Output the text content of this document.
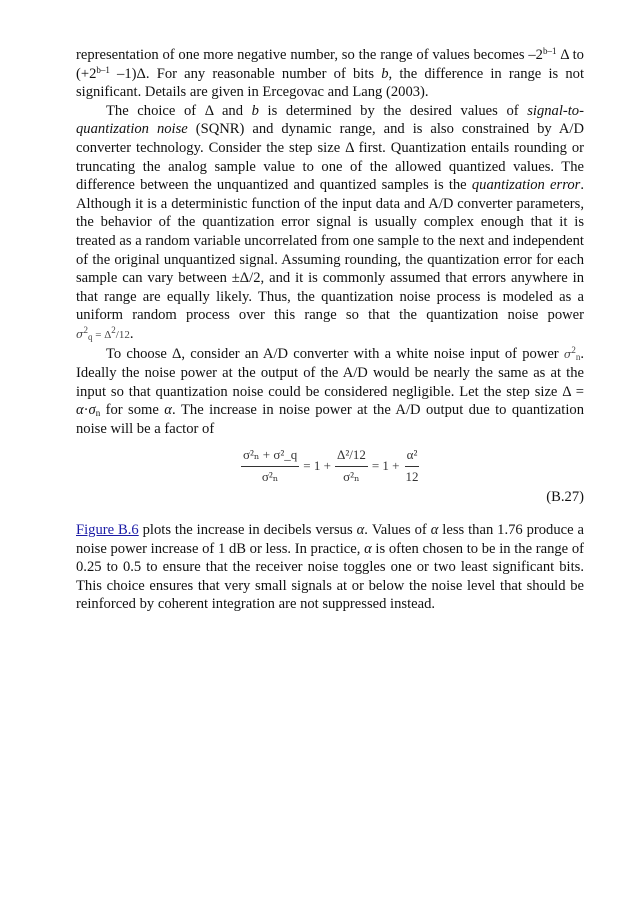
representation of one more negative number, so the range of values becomes –2$^{b-1}$ Δ to ($+2^{b-1}$ –1)Δ. For any reasonable number of bits b, the difference in range is not significant. Details are given in Ercegovac and Lang (2003).

The choice of Δ and b is determined by the desired values of signal-to-quantization noise (SQNR) and dynamic range, and is also constrained by A/D converter technology. Consider the step size Δ first. Quantization entails rounding or truncating the analog sample value to one of the allowed quantized values. The difference between the unquantized and quantized samples is the quantization error. Although it is a deterministic function of the input data and A/D converter parameters, the behavior of the quantization error signal is usually complex enough that it is treated as a random variable uncorrelated from one sample to the next and independent of the original unquantized signal. Assuming rounding, the quantization error for each sample can vary between ±Δ/2, and it is commonly assumed that errors anywhere in that range are equally likely. Thus, the quantization noise process is modeled as a uniform random process over this range so that the quantization noise power $\sigma^2_q = \Delta^2/12$.

To choose Δ, consider an A/D converter with a white noise input of power $\sigma^2_n$. Ideally the noise power at the output of the A/D would be nearly the same as at the input so that quantization noise could be considered negligible. Let the step size $\Delta = \alpha\cdot\sigma_n$ for some α. The increase in noise power at the A/D output due to quantization noise will be a factor of

$\frac{\text{σ²ₙ + σ²\_q}}{\text{σ²ₙ}} = 1 + \frac{\text{Δ²/12}}{\text{σ²ₙ}} = 1 + \frac{\text{α²}}{12}$
(B.27)

Figure B.6 plots the increase in decibels versus α. Values of α less than 1.76 produce a noise power increase of 1 dB or less. In practice, α is often chosen to be in the range of 0.25 to 0.5 to ensure that the receiver noise toggles one or two least significant bits. This choice ensures that very small signals at or below the noise level that should be reinforced by coherent integration are not suppressed instead.
